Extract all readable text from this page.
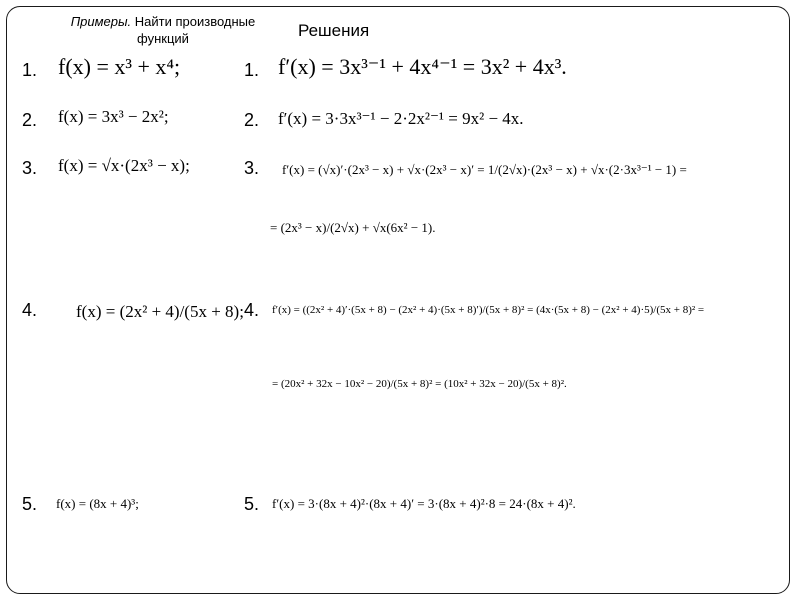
Примеры. Найти производные функций	Решения
1. f(x) = x³ + x⁴;	1. f′(x) = 3x³⁻¹ + 4x⁴⁻¹ = 3x² + 4x³.
2. f(x) = 3x³ − 2x²;	2. f′(x) = 3·3x³⁻¹ − 2·2x²⁻¹ = 9x² − 4x.
3. f(x) = √x·(2x³ − x);	3. f′(x) = (√x)′·(2x³ − x) + √x·(2x³ − x)′ = 1/(2√x)·(2x³ − x) + √x·(2·3x³⁻¹ − 1) =
= (2x³ − x)/(2√x) + √x(6x² − 1).
4. f(x) = (2x² + 4)/(5x + 8); 4. f′(x) = ((2x² + 4)′·(5x + 8) − (2x² + 4)·(5x + 8)′)/(5x + 8)² = (4x·(5x + 8) − (2x² + 4)·5)/(5x + 8)² =
= (20x² + 32x − 10x² − 20)/(5x + 8)² = (10x² + 32x − 20)/(5x + 8)².
5. f(x) = (8x + 4)³;	5. f′(x) = 3·(8x + 4)²·(8x + 4)′ = 3·(8x + 4)²·8 = 24·(8x + 4)².
